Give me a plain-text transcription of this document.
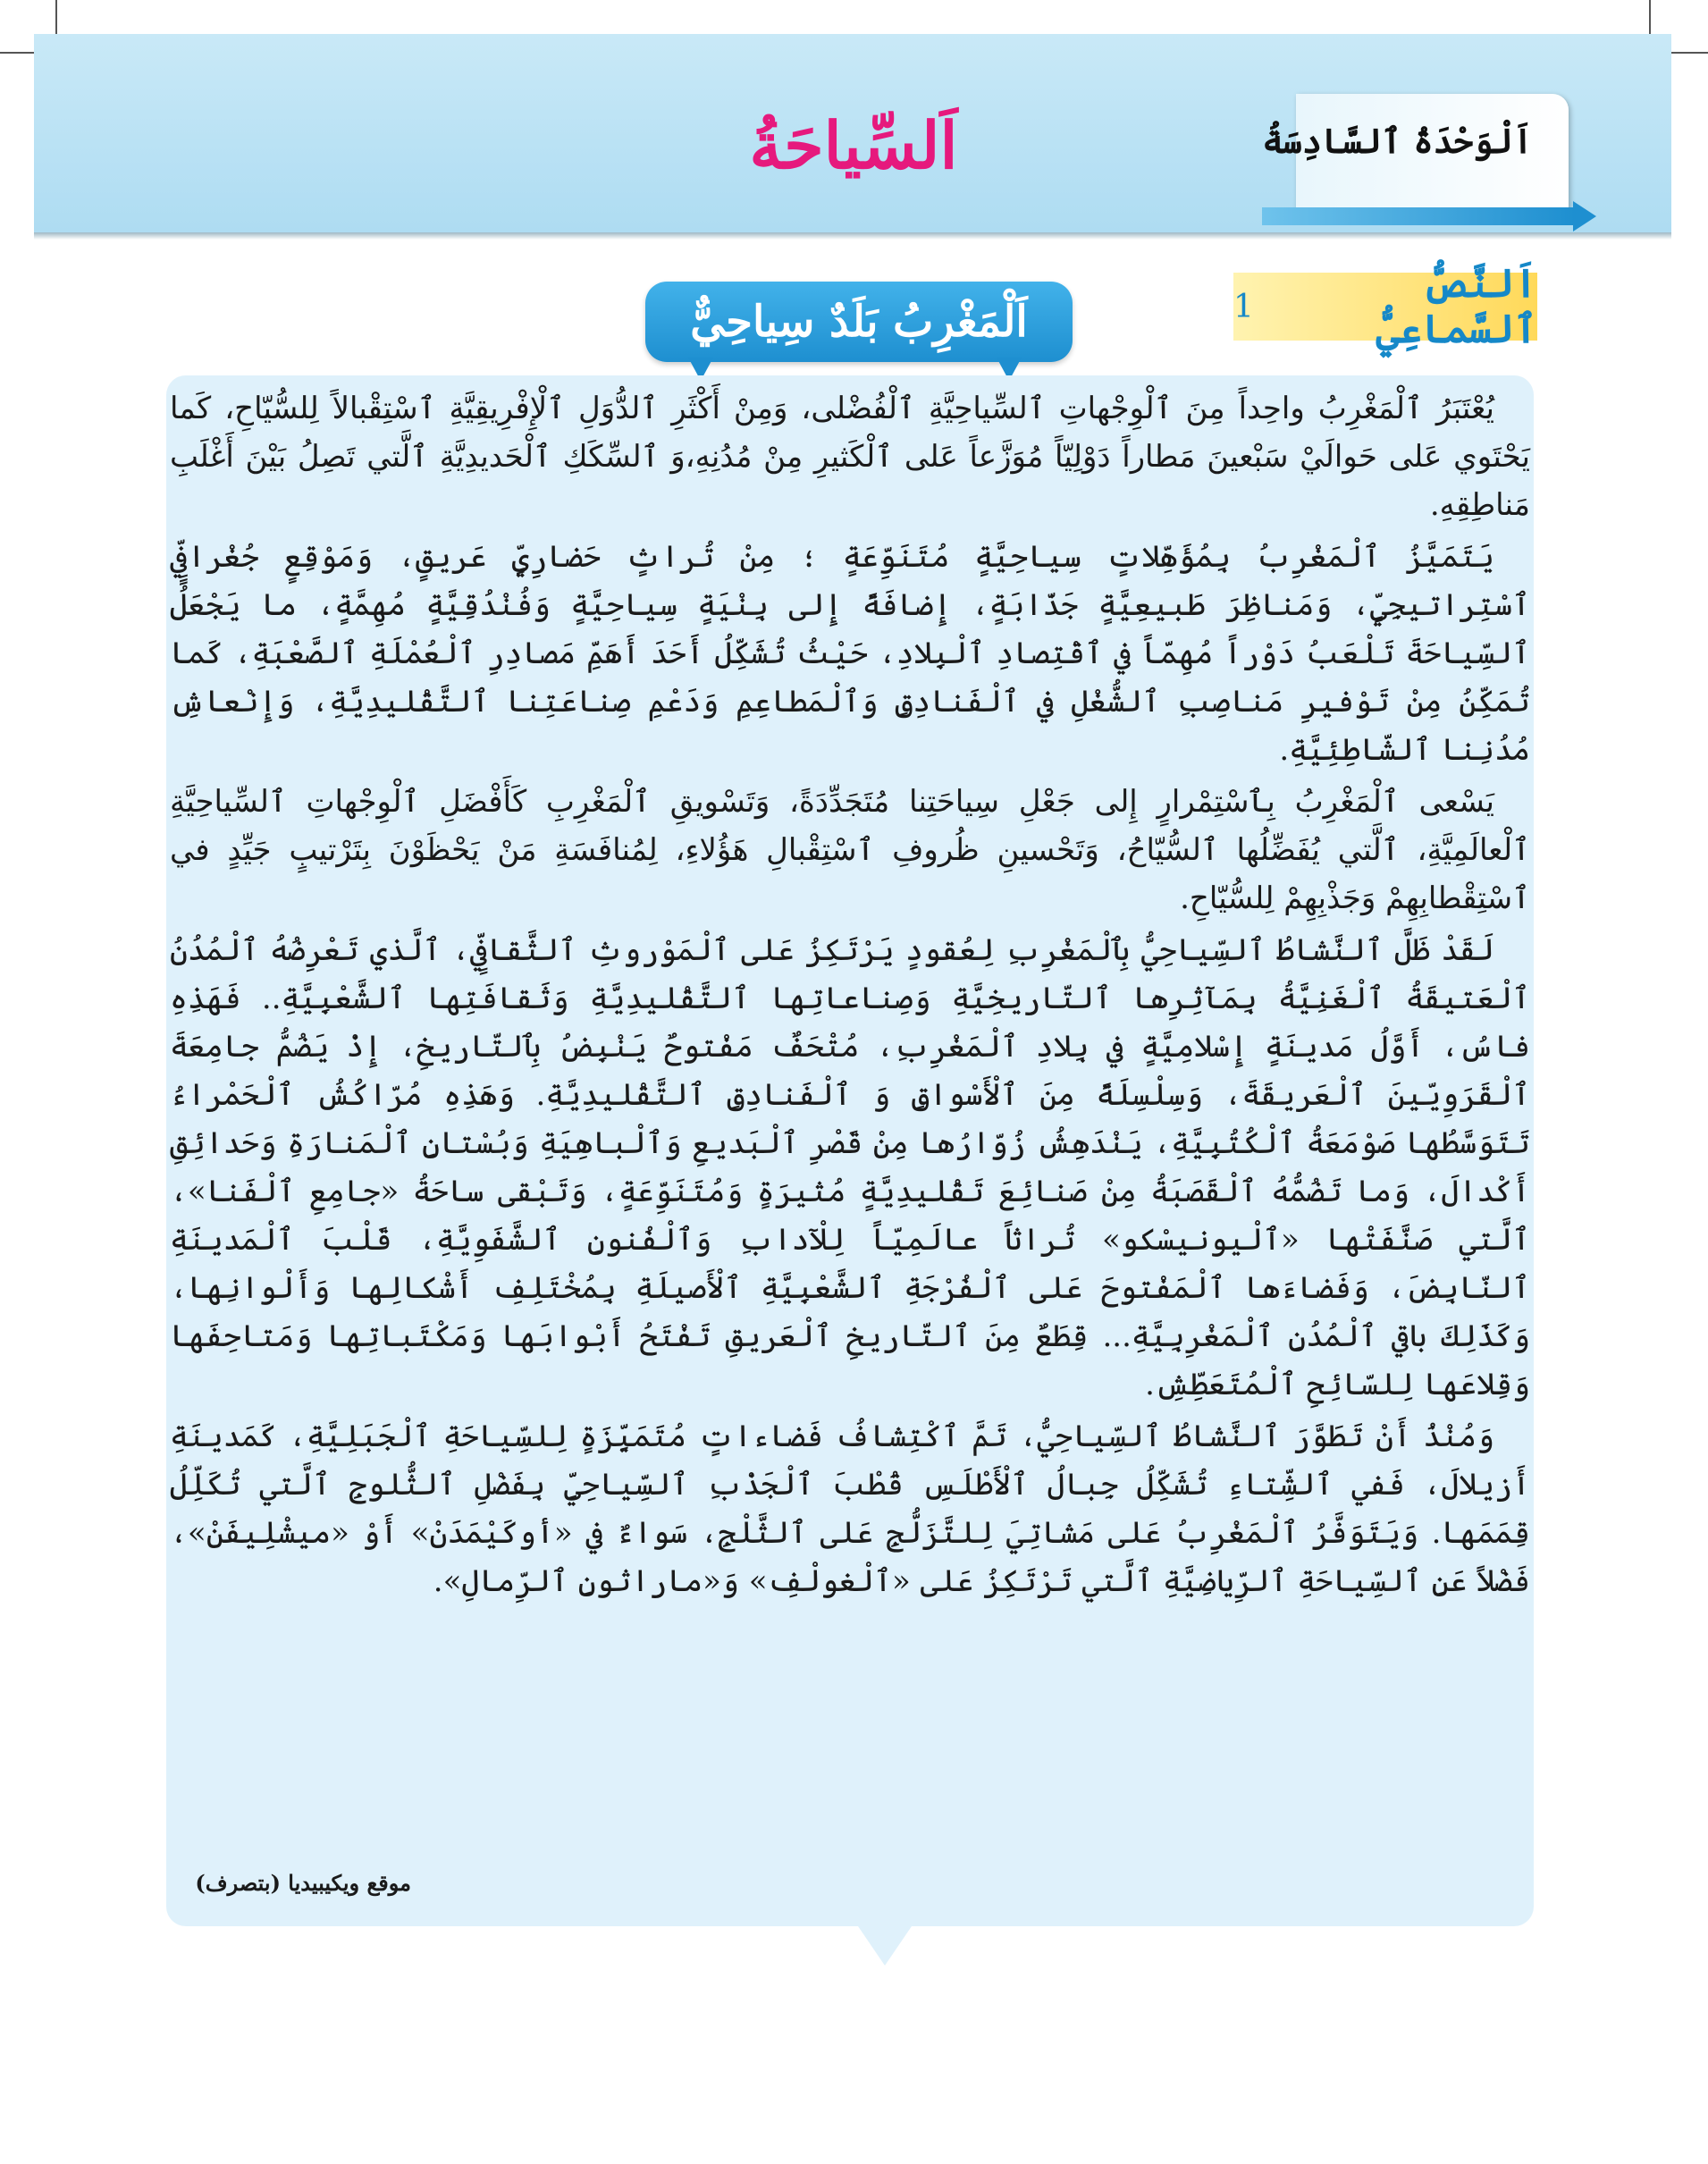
اَلْوَحْدَةُ ٱلسَّادِسَةُ
اَلسِّياحَةُ
اَلنَّصُّ ٱلسَّماعِيُّ
1
اَلْمَغْرِبُ بَلَدٌ سِياحِيٌّ

يُعْتَبَرُ ٱلْمَغْرِبُ واحِداً مِنَ ٱلْوِجْهاتِ ٱلسِّياحِيَّةِ ٱلْفُضْلى، وَمِنْ أَكْثَرِ ٱلدُّوَلِ ٱلْإِفْرِيقِيَّةِ ٱسْتِقْبالاً لِلسُّيّاحِ، كَما يَحْتَوي عَلى حَوالَيْ سَبْعينَ مَطاراً دَوْلِيّاً مُوَزَّعاً عَلى ٱلْكَثيرِ مِنْ مُدُنِهِ،وَ ٱلسِّكَكِ ٱلْحَديدِيَّةِ ٱلَّتي تَصِلُ بَيْنَ أَغْلَبِ مَناطِقِهِ.

يَتَمَيَّزُ ٱلْمَغْرِبُ بِمُؤَهِّلاتٍ سِياحِيَّةٍ مُتَنَوِّعَةٍ ؛ مِنْ تُراثٍ حَضارِيٍّ عَريقٍ، وَمَوْقِعٍ جُغْرافِيٍّ ٱسْتِراتيجِيٍّ، وَمَناظِرَ طَبيعِيَّةٍ جَذّابَةٍ، إِضافَةً إِلى بِنْيَةٍ سِياحِيَّةٍ وَفُنْدُقِيَّةٍ مُهِمَّةٍ، ما يَجْعَلُ ٱلسِّياحَةَ تَلْعَبُ دَوْراً مُهِمّاً في ٱقْتِصادِ ٱلْبِلادِ، حَيْثُ تُشَكِّلُ أَحَدَ أَهَمِّ مَصادِرِ ٱلْعُمْلَةِ ٱلصَّعْبَةِ، كَما تُمَكِّنُ مِنْ تَوْفيرِ مَناصِبِ ٱلشُّغْلِ في ٱلْفَنادِقِ وَٱلْمَطاعِمِ وَدَعْمِ صِناعَتِنا ٱلتَّقْليدِيَّةِ، وَإِنْعاشِ مُدُنِنا ٱلشّاطِئِيَّةِ.

يَسْعى ٱلْمَغْرِبُ بِٱسْتِمْرارٍ إِلى جَعْلِ سِياحَتِنا مُتَجَدِّدَةً، وَتَسْويقِ ٱلْمَغْرِبِ كَأَفْضَلِ ٱلْوِجْهاتِ ٱلسِّياحِيَّةِ ٱلْعالَمِيَّةِ، ٱلَّتي يُفَضِّلُها ٱلسُّيّاحُ، وَتَحْسينِ ظُروفِ ٱسْتِقْبالِ هَؤُلاءِ، لِمُنافَسَةِ مَنْ يَحْظَوْنَ بِتَرْتيبٍ جَيِّدٍ في ٱسْتِقْطابِهِمْ وَجَذْبِهِمْ لِلسُّيّاحِ.

لَقَدْ ظَلَّ ٱلنَّشاطُ ٱلسِّياحِيُّ بِٱلْمَغْرِبِ لِعُقودٍ يَرْتَكِزُ عَلى ٱلْمَوْروثِ ٱلثَّقافِيِّ، ٱلَّذي تَعْرِضُهُ ٱلْمُدُنُ ٱلْعَتيقَةُ ٱلْغَنِيَّةُ بِمَآثِرِها ٱلتّاريخِيَّةِ وَصِناعاتِها ٱلتَّقْليدِيَّةِ وَثَقافَتِها ٱلشَّعْبِيَّةِ.. فَهَذِهِ فاسُ، أَوَّلُ مَدينَةٍ إِسْلامِيَّةٍ في بِلادِ ٱلْمَغْرِبِ، مُتْحَفٌ مَفْتوحٌ يَنْبِضُ بِٱلتّاريخِ، إِذْ يَضُمُّ جامِعَةَ ٱلْقَرَوِيّينَ ٱلْعَريقَةَ، وَسِلْسِلَةً مِنَ ٱلْأَسْواقِ وَ ٱلْفَنادِقِ ٱلتَّقْليدِيَّةِ. وَهَذِهِ مُرّاكُشُ ٱلْحَمْراءُ تَتَوَسَّطُها صَوْمَعَةُ ٱلْكُتُبِيَّةِ، يَنْدَهِشُ زُوّارُها مِنْ قَصْرِ ٱلْبَديعِ وَٱلْباهِيَةِ وَبُسْتانِ ٱلْمَنارَةِ وَحَدائِقِ أَكْدالَ، وَما تَضُمُّهُ ٱلْقَصَبَةُ مِنْ صَنائِعَ تَقْليدِيَّةٍ مُثيرَةٍ وَمُتَنَوِّعَةٍ، وَتَبْقى ساحَةُ «جامِعِ ٱلْفَنا»، ٱلَّتي صَنَّفَتْها «ٱلْيونيسْكو» تُراثاً عالَمِيّاً لِلْآدابِ وَٱلْفُنونِ ٱلشَّفَوِيَّةِ، قَلْبَ ٱلْمَدينَةِ ٱلنّابِضَ، وَفَضاءَها ٱلْمَفْتوحَ عَلى ٱلْفُرْجَةِ ٱلشَّعْبِيَّةِ ٱلْأَصيلَةِ بِمُخْتَلِفِ أَشْكالِها وَأَلْوانِها، وَكَذَلِكَ باقي ٱلْمُدُنِ ٱلْمَغْرِبِيَّةِ... قِطَعٌ مِنَ ٱلتّاريخِ ٱلْعَريقِ تَفْتَحُ أَبْوابَها وَمَكْتَباتِها وَمَتاحِفَها وَقِلاعَها لِلسّائِحِ ٱلْمُتَعَطِّشِ.

وَمُنْذُ أَنْ تَطَوَّرَ ٱلنَّشاطُ ٱلسِّياحِيُّ، تَمَّ ٱكْتِشافُ فَضاءاتٍ مُتَمَيِّزَةٍ لِلسِّياحَةِ ٱلْجَبَلِيَّةِ، كَمَدينَةِ أَزيلالَ، فَفي ٱلشِّتاءِ تُشَكِّلُ جِبالُ ٱلْأَطْلَسِ قُطْبَ ٱلْجَذْبِ ٱلسِّياحِيِّ بِفَضْلِ ٱلثُّلوجِ ٱلَّتي تُكَلِّلُ قِمَمَها. وَيَتَوَفَّرُ ٱلْمَغْرِبُ عَلى مَشاتِيَ لِلتَّزَلُّجِ عَلى ٱلثَّلْجِ، سَواءٌ في «أوكَيْمَدَنْ» أَوْ «ميشْلِيفَنْ»، فَضْلاً عَنِ ٱلسِّياحَةِ ٱلرِّياضِيَّةِ ٱلَّتي تَرْتَكِزُ عَلى «ٱلْغولْفِ» وَ«ماراثونِ ٱلرِّمالِ».

موقع ويكيبيديا (بتصرف)
